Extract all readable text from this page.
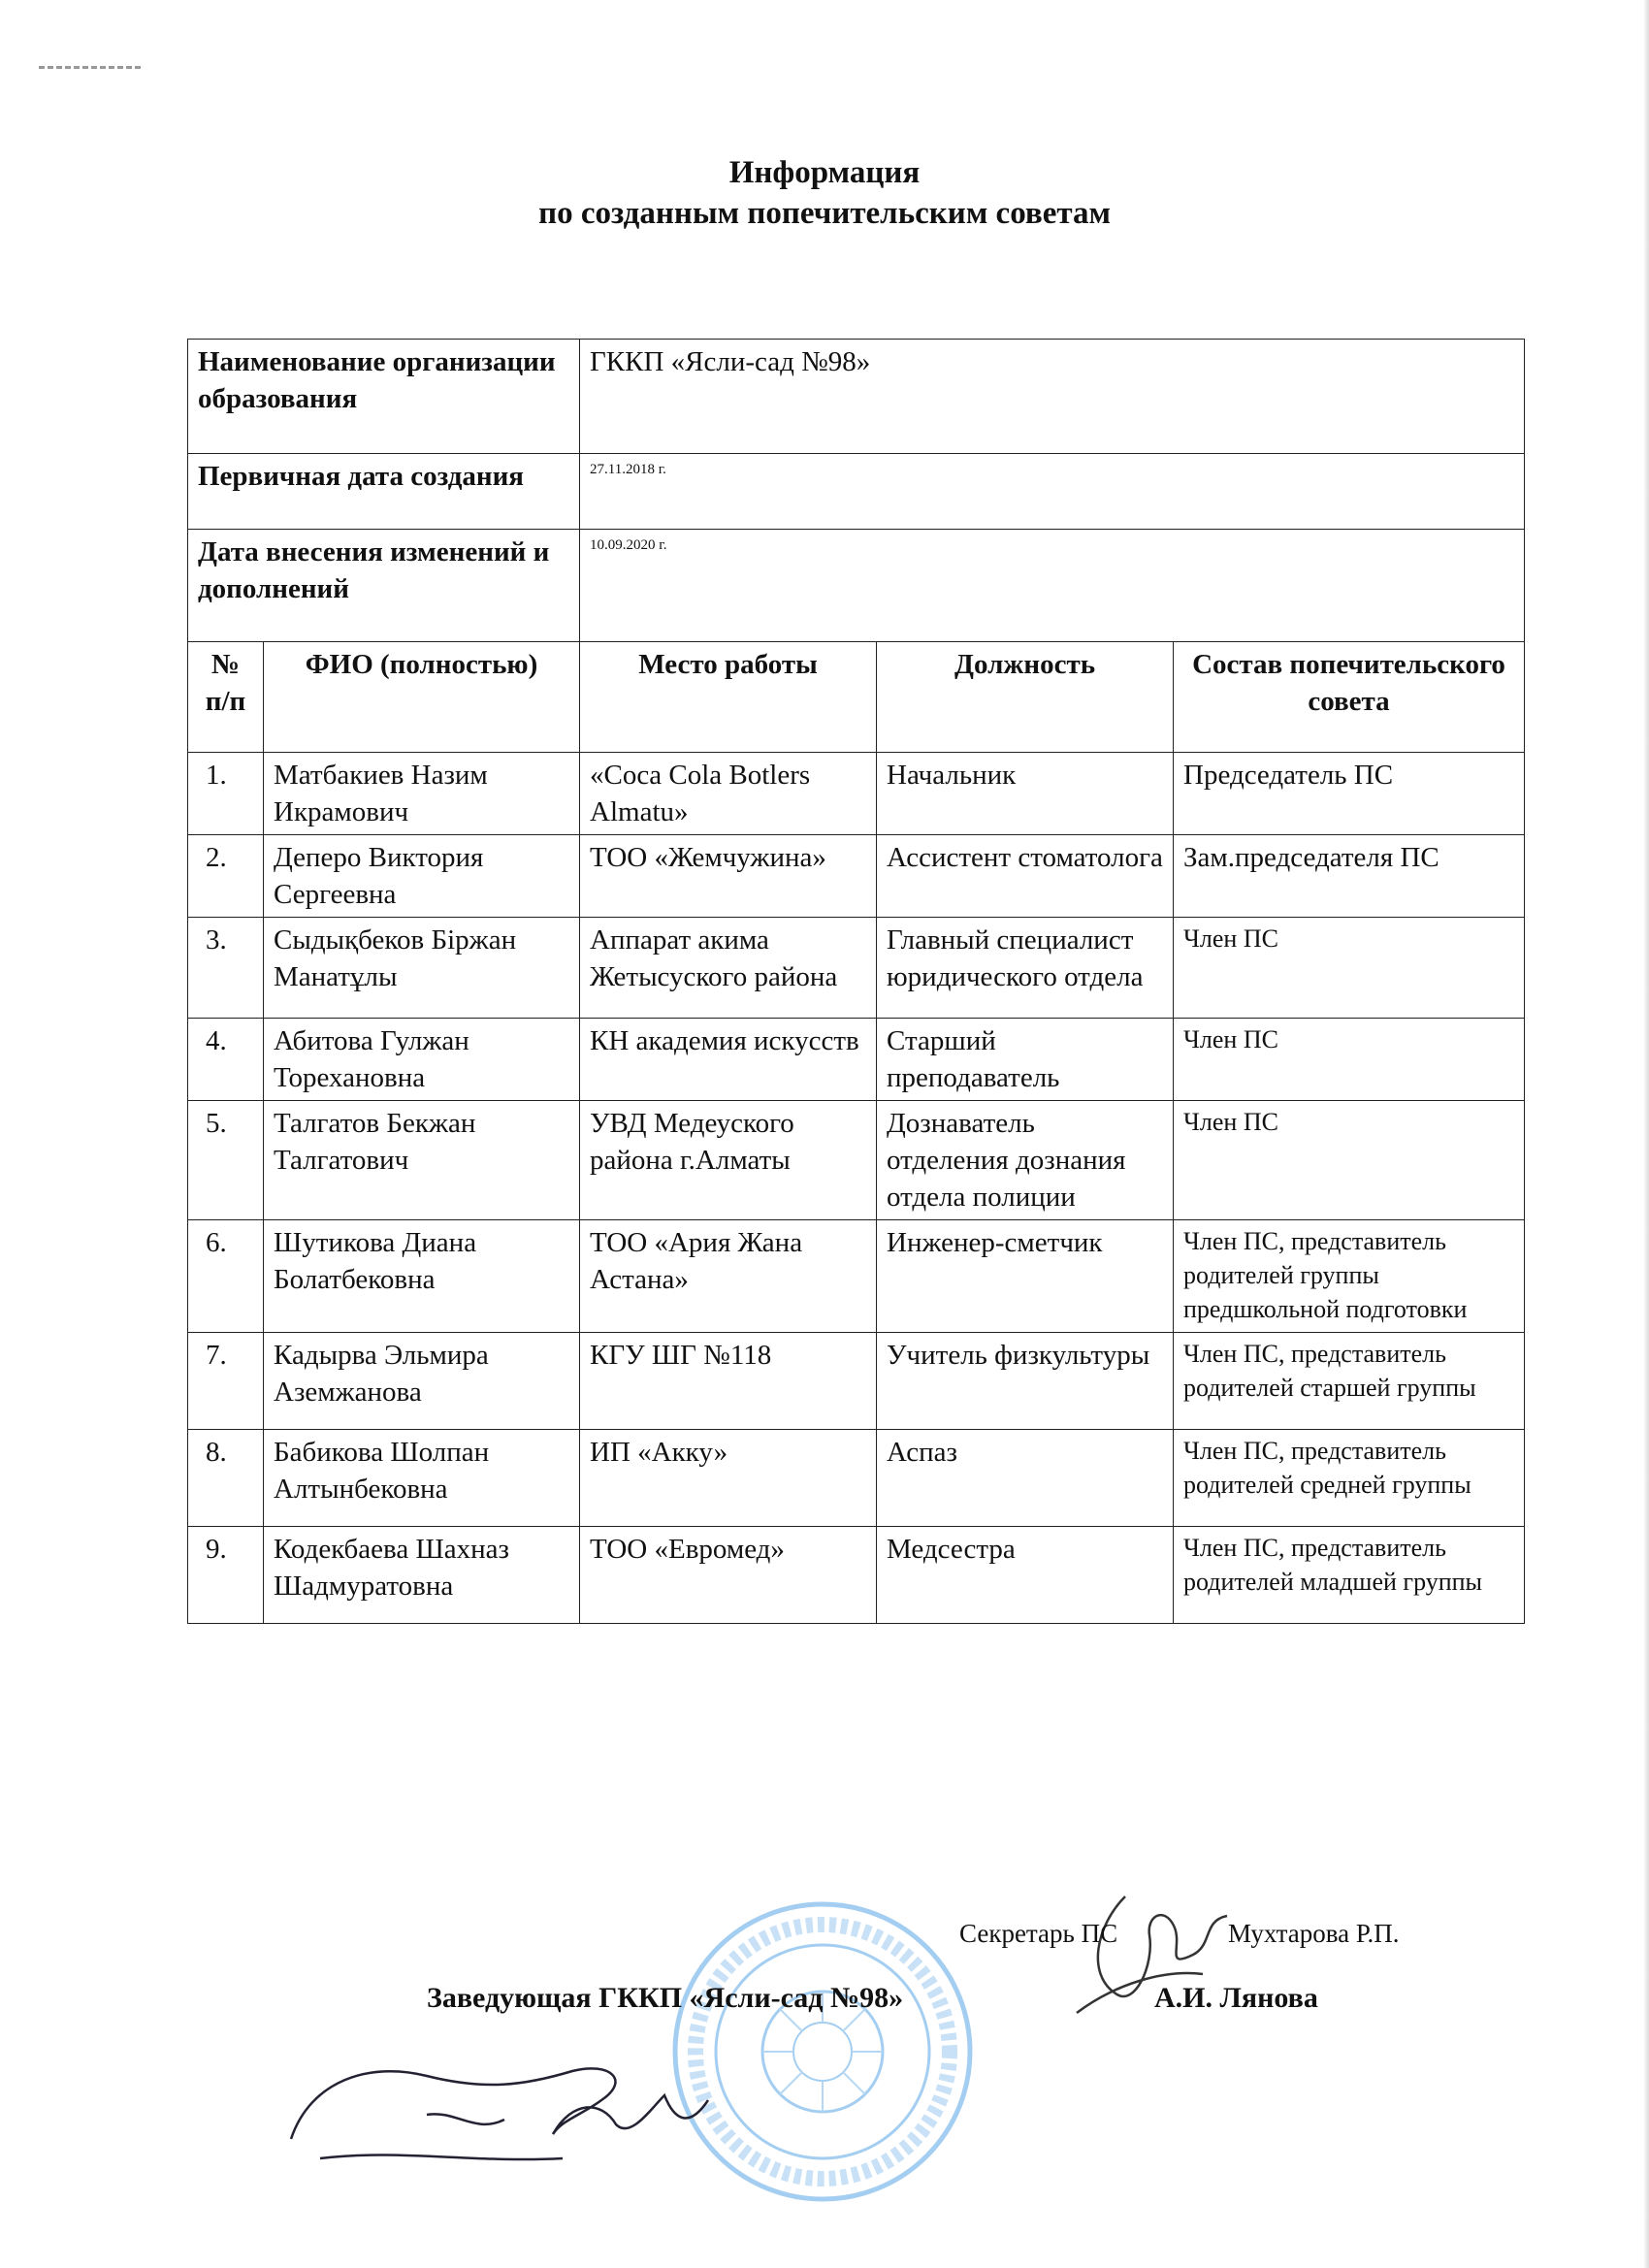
Информация
по созданным попечительским советам
Наименование организации образования		ГККП «Ясли-сад №98»		
Первичная дата создания		27.11.2018 г.		
Дата внесения изменений и дополнений		10.09.2020 г.		
№ п/п	ФИО (полностью)	Место работы	Должность	Состав попечительского совета
1.	Матбакиев Назим Икрамович	«Coca Cola Botlers Almatu»	Начальник	Председатель ПС
2.	Деперо Виктория Сергеевна	ТОО «Жемчужина»	Ассистент стоматолога	Зам.председателя ПС
3.	Сыдықбеков Біржан Манатұлы	Аппарат акима Жетысуского района	Главный специалист юридического отдела	Член ПС
4.	Абитова Гулжан Тореханoвна	КН академия искусств	Старший преподаватель	Член ПС
5.	Талгатов Бекжан Талгатович	УВД Медеуского района г.Алматы	Дознаватель отделения дознания отдела полиции	Член ПС
6.	Шутикова Диана Болатбековна	ТОО «Ария Жана Астана»	Инженер-сметчик	Член ПС, представитель родителей группы предшкольной подготовки
7.	Кадырва Эльмира Аземжанова	КГУ ШГ №118	Учитель физкультуры	Член ПС, представитель родителей старшей группы
8.	Бабикова Шолпан Алтынбековна	ИП «Акку»	Аспаз	Член ПС, представитель родителей средней группы
9.	Кодекбаева Шахназ Шадмуратовна	ТОО «Евромед»	Медсестра	Член ПС, представитель родителей младшей группы
Секретарь ПС	Мухтарова Р.П.
Заведующая ГККП «Ясли-сад №98»	А.И. Лянова
